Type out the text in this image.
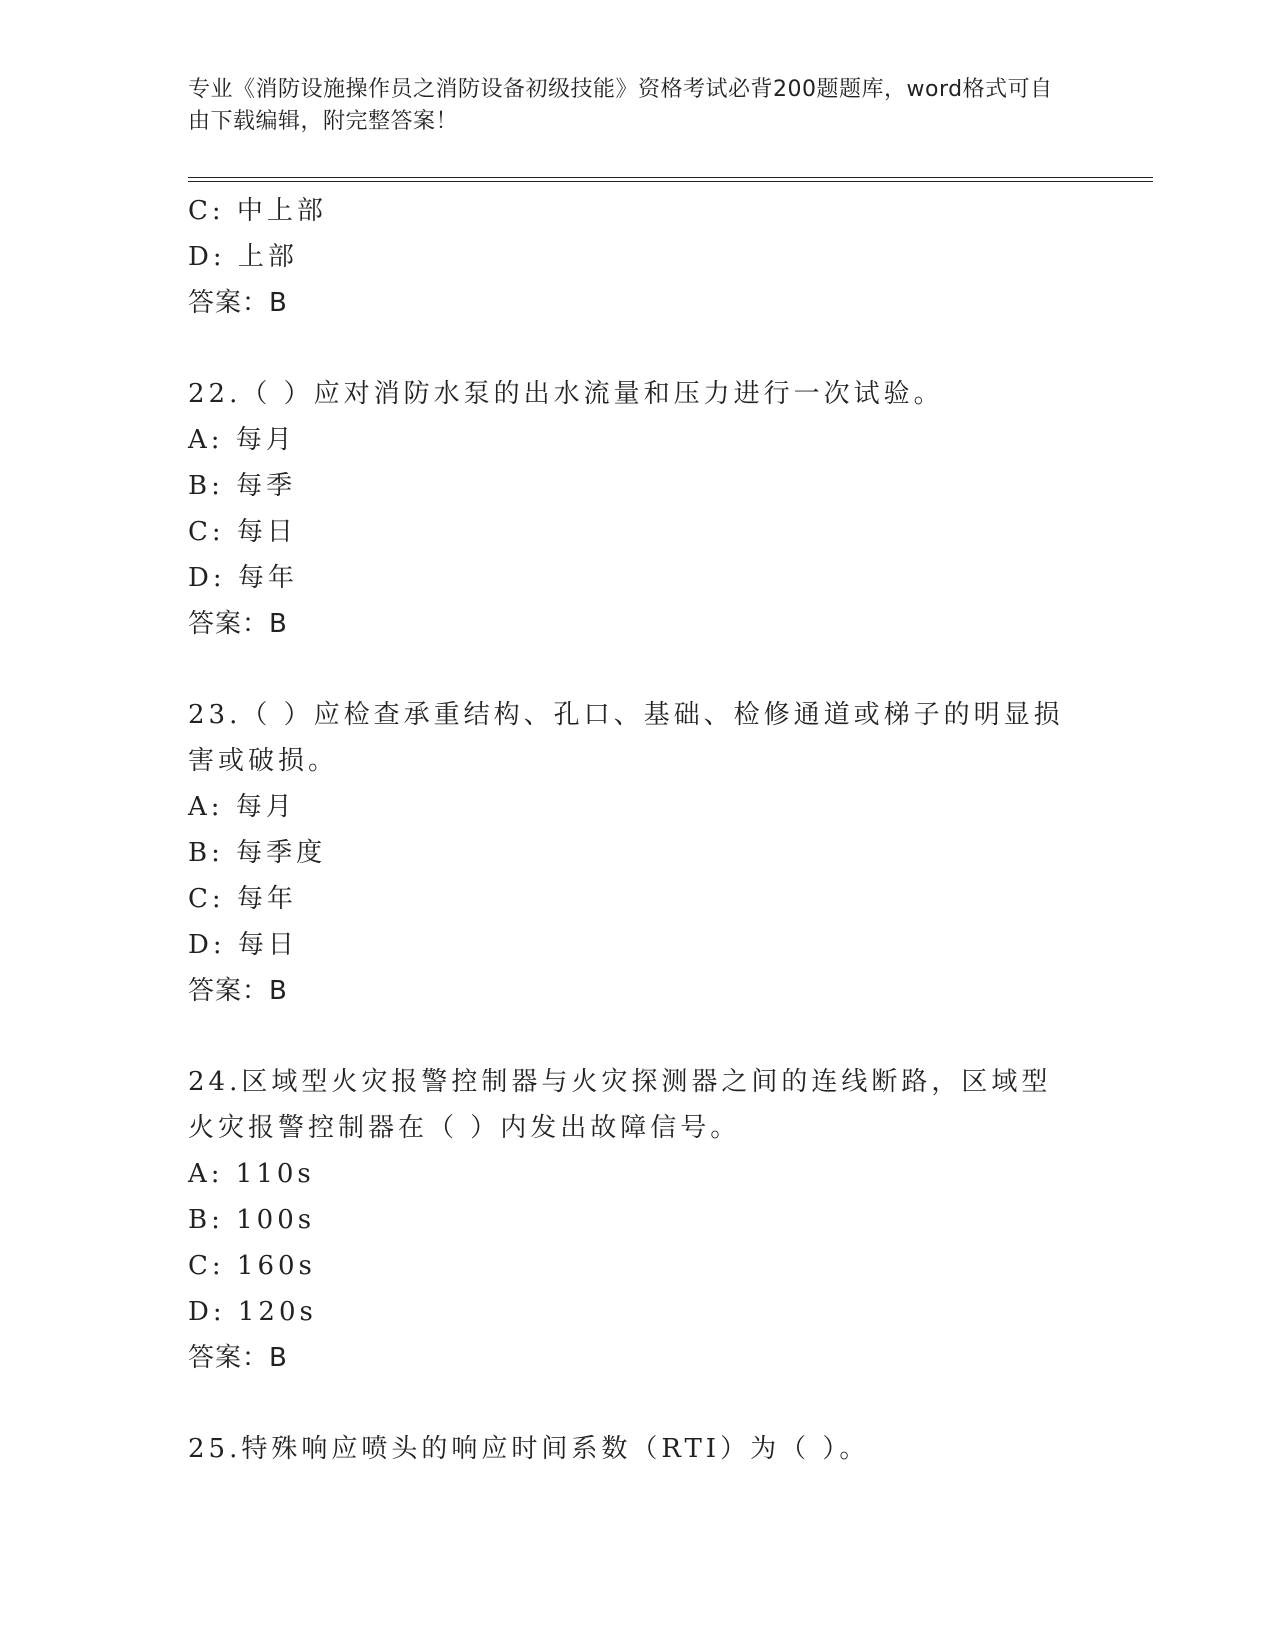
专业《消防设施操作员之消防设备初级技能》资格考试必背200题题库，word格式可自由下载编辑，附完整答案！
C: 中上部
D: 上部
答案：B
22.（ ）应对消防水泵的出水流量和压力进行一次试验。
A: 每月
B: 每季
C: 每日
D: 每年
答案：B
23.（ ）应检查承重结构、孔口、基础、检修通道或梯子的明显损害或破损。
A: 每月
B: 每季度
C: 每年
D: 每日
答案：B
24.区域型火灾报警控制器与火灾探测器之间的连线断路，区域型火灾报警控制器在（ ）内发出故障信号。
A: 110s
B: 100s
C: 160s
D: 120s
答案：B
25.特殊响应喷头的响应时间系数（RTI）为（ ）。
